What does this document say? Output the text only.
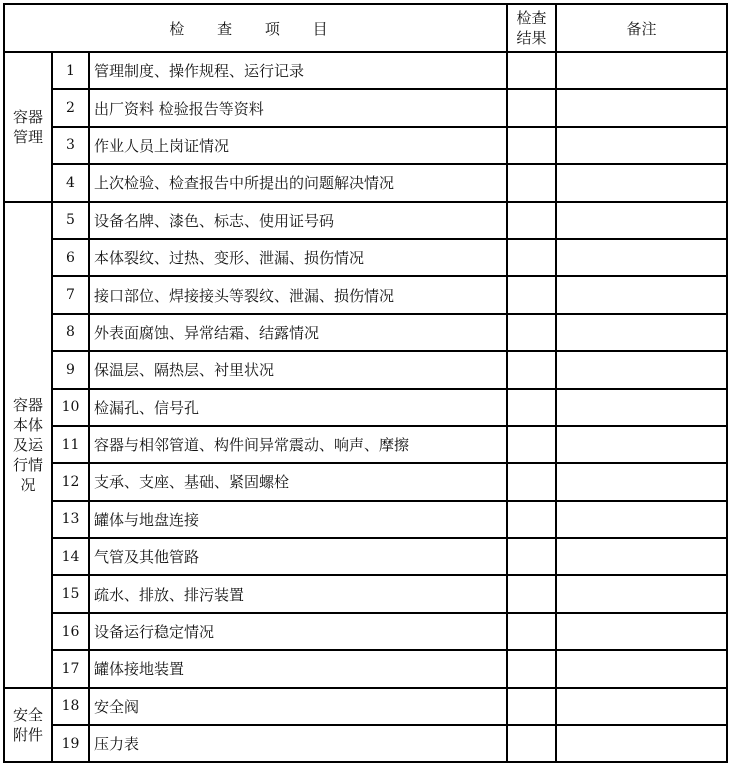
检 查 项 目			检查结果	备注
容器管理	1	管理制度、操作规程、运行记录		
	2	出厂资料 检验报告等资料		
	3	作业人员上岗证情况		
	4	上次检验、检查报告中所提出的问题解决情况		
容器本体及运行情况	5	设备名牌、漆色、标志、使用证号码		
	6	本体裂纹、过热、变形、泄漏、损伤情况		
	7	接口部位、焊接接头等裂纹、泄漏、损伤情况		
	8	外表面腐蚀、异常结霜、结露情况		
	9	保温层、隔热层、衬里状况		
	10	检漏孔、信号孔		
	11	容器与相邻管道、构件间异常震动、响声、摩擦		
	12	支承、支座、基础、紧固螺栓		
	13	罐体与地盘连接		
	14	气管及其他管路		
	15	疏水、排放、排污装置		
	16	设备运行稳定情况		
	17	罐体接地装置		
安全附件	18	安全阀		
	19	压力表		
